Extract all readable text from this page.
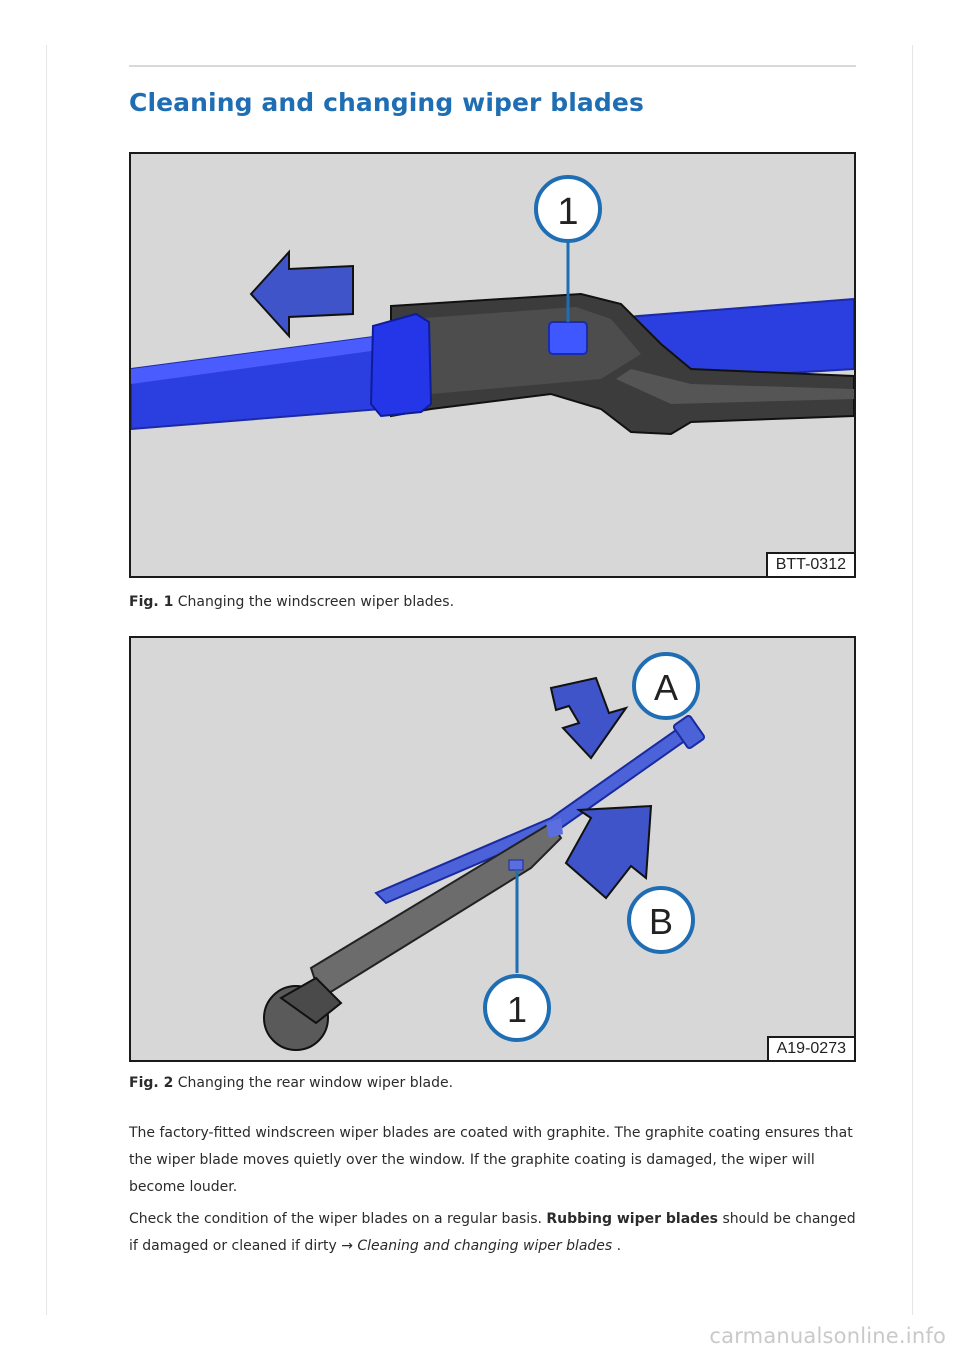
Cleaning and changing wiper blades
1
BTT-0312

Fig. 1 Changing the windscreen wiper blades.

A
B
1
A19-0273

Fig. 2 Changing the rear window wiper blade.

The factory-fitted windscreen wiper blades are coated with graphite. The graphite coating ensures that the wiper blade moves quietly over the window. If the graphite coating is damaged, the wiper will become louder.

Check the condition of the wiper blades on a regular basis. Rubbing wiper blades should be changed if damaged or cleaned if dirty → Cleaning and changing wiper blades .

carmanualsonline.info
